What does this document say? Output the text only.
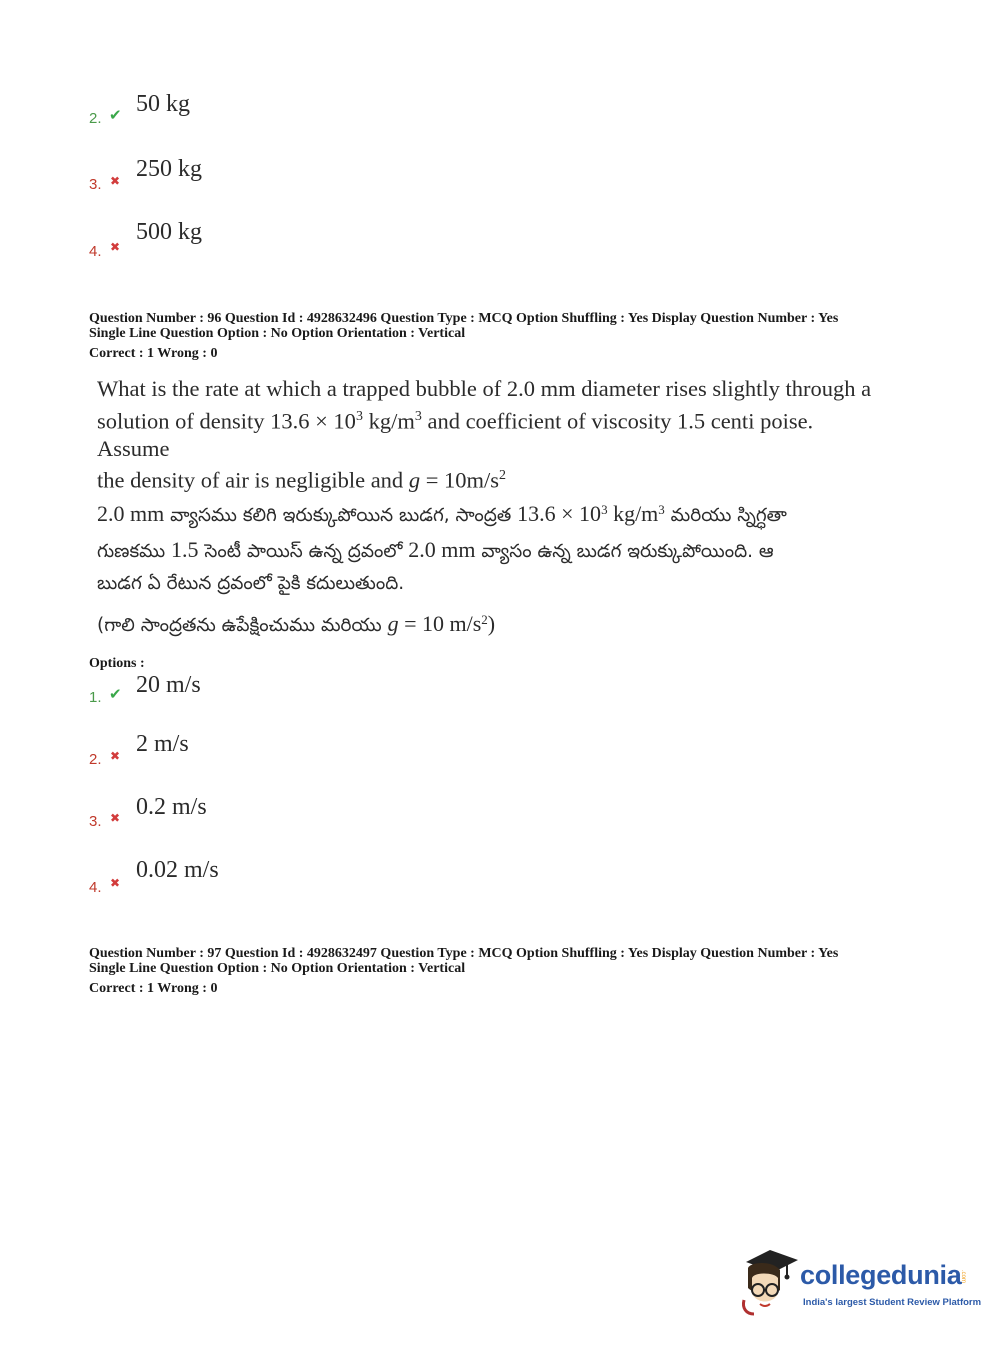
2. ✔ 50 kg
3. ✖ 250 kg
4. ✖
500 kg
Question Number : 96 Question Id : 4928632496 Question Type : MCQ Option Shuffling : Yes Display Question Number : Yes
Single Line Question Option : No Option Orientation : Vertical
Correct : 1 Wrong : 0
What is the rate at which a trapped bubble of 2.0 mm diameter rises slightly through a
solution of density $13.6 \times 10^3$ $kg/m^3$ and coefficient of viscosity 1.5 centi poise. Assume
the density of air is negligible and $g = 10m/s^2$
2.0 mm వ్యాసము కలిగి ఇరుక్కుపోయిన బుడగ, సాంద్రత $13.6 \times 10^3$ $kg/m^3$ మరియు స్నిగ్ధతా
గుణకము 1.5 సెంటీ పాయిస్ ఉన్న ద్రవంలో 2.0 mm వ్యాసం ఉన్న బుడగ ఇరుక్కుపోయింది. ఆ
బుడగ ఏ రేటున ద్రవంలో పైకి కదులుతుంది.
(గాలి సాంద్రతను ఉపేక్షించుము మరియు g = 10 $m/s^2$)
Options :
1. ✔ 20 m/s
2. ✖ 2 m/s
3. ✖ 0.2 m/s
4. ✖ 0.02 m/s
Question Number : 97 Question Id : 4928632497 Question Type : MCQ Option Shuffling : Yes Display Question Number : Yes
Single Line Question Option : No Option Orientation : Vertical
Correct : 1 Wrong : 0
collegedunia
.com
India's largest Student Review Platform
